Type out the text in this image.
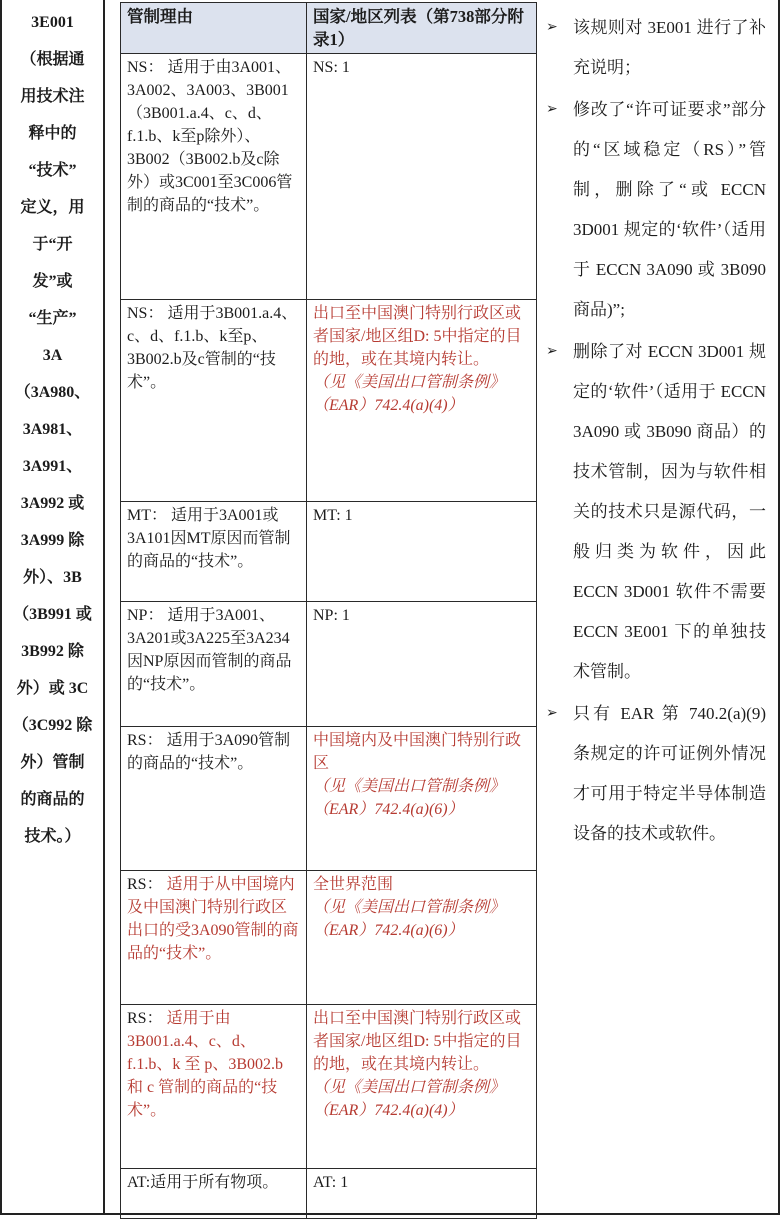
3E001
（根据通
用技术注
释中的
“技术”
定义，用
于“开
发”或
“生产”
3A
（3A980、
3A981、
3A991、
3A992 或
3A999 除
外）、3B
（3B991 或
3B992 除
外）或 3C
（3C992 除
外）管制
的商品的
技术。）
管制理由	国家/地区列表（第738部分附录1）
NS： 适用于由3A001、3A002、3A003、3B001（3B001.a.4、c、d、f.1.b、k至p除外）、3B002（3B002.b及c除外）或3C001至3C006管制的商品的“技术”。	NS: 1
NS： 适用于3B001.a.4、c、d、f.1.b、k至p、3B002.b及c管制的“技术”。	出口至中国澳门特别行政区或者国家/地区组D: 5中指定的目的地，或在其境内转让。
（见《美国出口管制条例》（EAR）742.4(a)(4)）

MT： 适用于3A001或3A101因MT原因而管制的商品的“技术”。	MT: 1
NP： 适用于3A001、3A201或3A225至3A234因NP原因而管制的商品的“技术”。	NP: 1
RS： 适用于3A090管制的商品的“技术”。	中国境内及中国澳门特别行政区
（见《美国出口管制条例》（EAR）742.4(a)(6)）

RS： 适用于从中国境内及中国澳门特别行政区出口的受3A090管制的商品的“技术”。	全世界范围
（见《美国出口管制条例》（EAR）742.4(a)(6)）

RS： 适用于由3B001.a.4、c、d、f.1.b、k 至 p、3B002.b 和 c 管制的商品的“技术”。	出口至中国澳门特别行政区或者国家/地区组D: 5中指定的目的地，或在其境内转让。
（见《美国出口管制条例》（EAR）742.4(a)(4)）

AT:适用于所有物项。	AT: 1
➢ 该规则对 3E001 进行了补充说明；
➢ 修改了“许可证要求”部分的“区域稳定（RS）”管制，删除了“或 ECCN 3D001 规定的‘软件’（适用于 ECCN 3A090 或 3B090 商品)”;
➢ 删除了对 ECCN 3D001 规定的‘软件’（适用于 ECCN 3A090 或 3B090 商品）的技术管制，因为与软件相关的技术只是源代码，一般归类为软件，因此 ECCN 3D001 软件不需要 ECCN 3E001 下的单独技术管制。
➢ 只有 EAR 第 740.2(a)(9) 条规定的许可证例外情况才可用于特定半导体制造设备的技术或软件。
